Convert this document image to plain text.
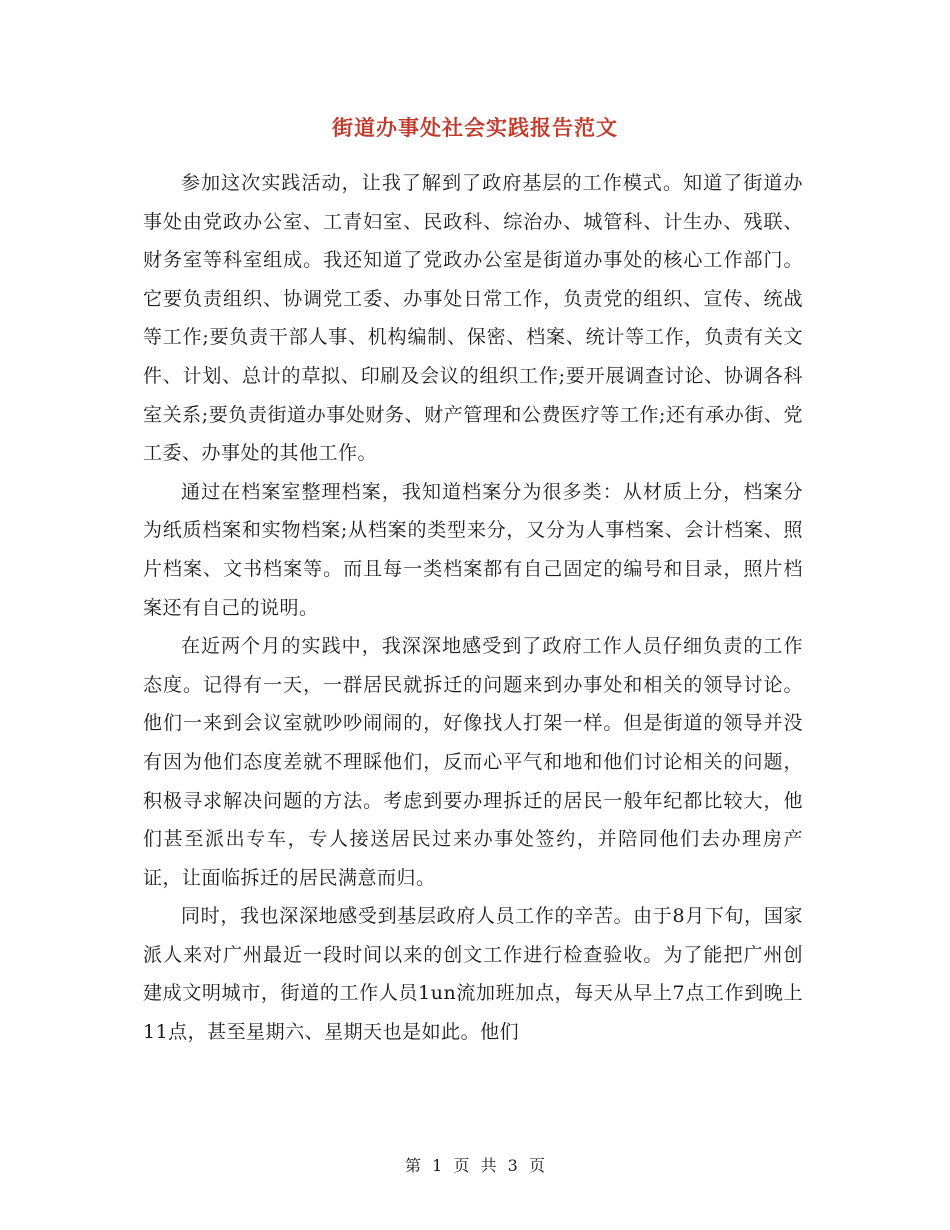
街道办事处社会实践报告范文

参加这次实践活动，让我了解到了政府基层的工作模式。知道了街道办事处由党政办公室、工青妇室、民政科、综治办、城管科、计生办、残联、财务室等科室组成。我还知道了党政办公室是街道办事处的核心工作部门。它要负责组织、协调党工委、办事处日常工作，负责党的组织、宣传、统战等工作;要负责干部人事、机构编制、保密、档案、统计等工作，负责有关文件、计划、总计的草拟、印刷及会议的组织工作;要开展调查讨论、协调各科室关系;要负责街道办事处财务、财产管理和公费医疗等工作;还有承办街、党工委、办事处的其他工作。

通过在档案室整理档案，我知道档案分为很多类：从材质上分，档案分为纸质档案和实物档案;从档案的类型来分，又分为人事档案、会计档案、照片档案、文书档案等。而且每一类档案都有自己固定的编号和目录，照片档案还有自己的说明。

在近两个月的实践中，我深深地感受到了政府工作人员仔细负责的工作态度。记得有一天，一群居民就拆迁的问题来到办事处和相关的领导讨论。他们一来到会议室就吵吵闹闹的，好像找人打架一样。但是街道的领导并没有因为他们态度差就不理睬他们，反而心平气和地和他们讨论相关的问题，积极寻求解决问题的方法。考虑到要办理拆迁的居民一般年纪都比较大，他们甚至派出专车，专人接送居民过来办事处签约，并陪同他们去办理房产证，让面临拆迁的居民满意而归。

同时，我也深深地感受到基层政府人员工作的辛苦。由于8月下旬，国家派人来对广州最近一段时间以来的创文工作进行检查验收。为了能把广州创建成文明城市，街道的工作人员1un流加班加点，每天从早上7点工作到晚上11点，甚至星期六、星期天也是如此。他们

第 1 页 共 3 页
